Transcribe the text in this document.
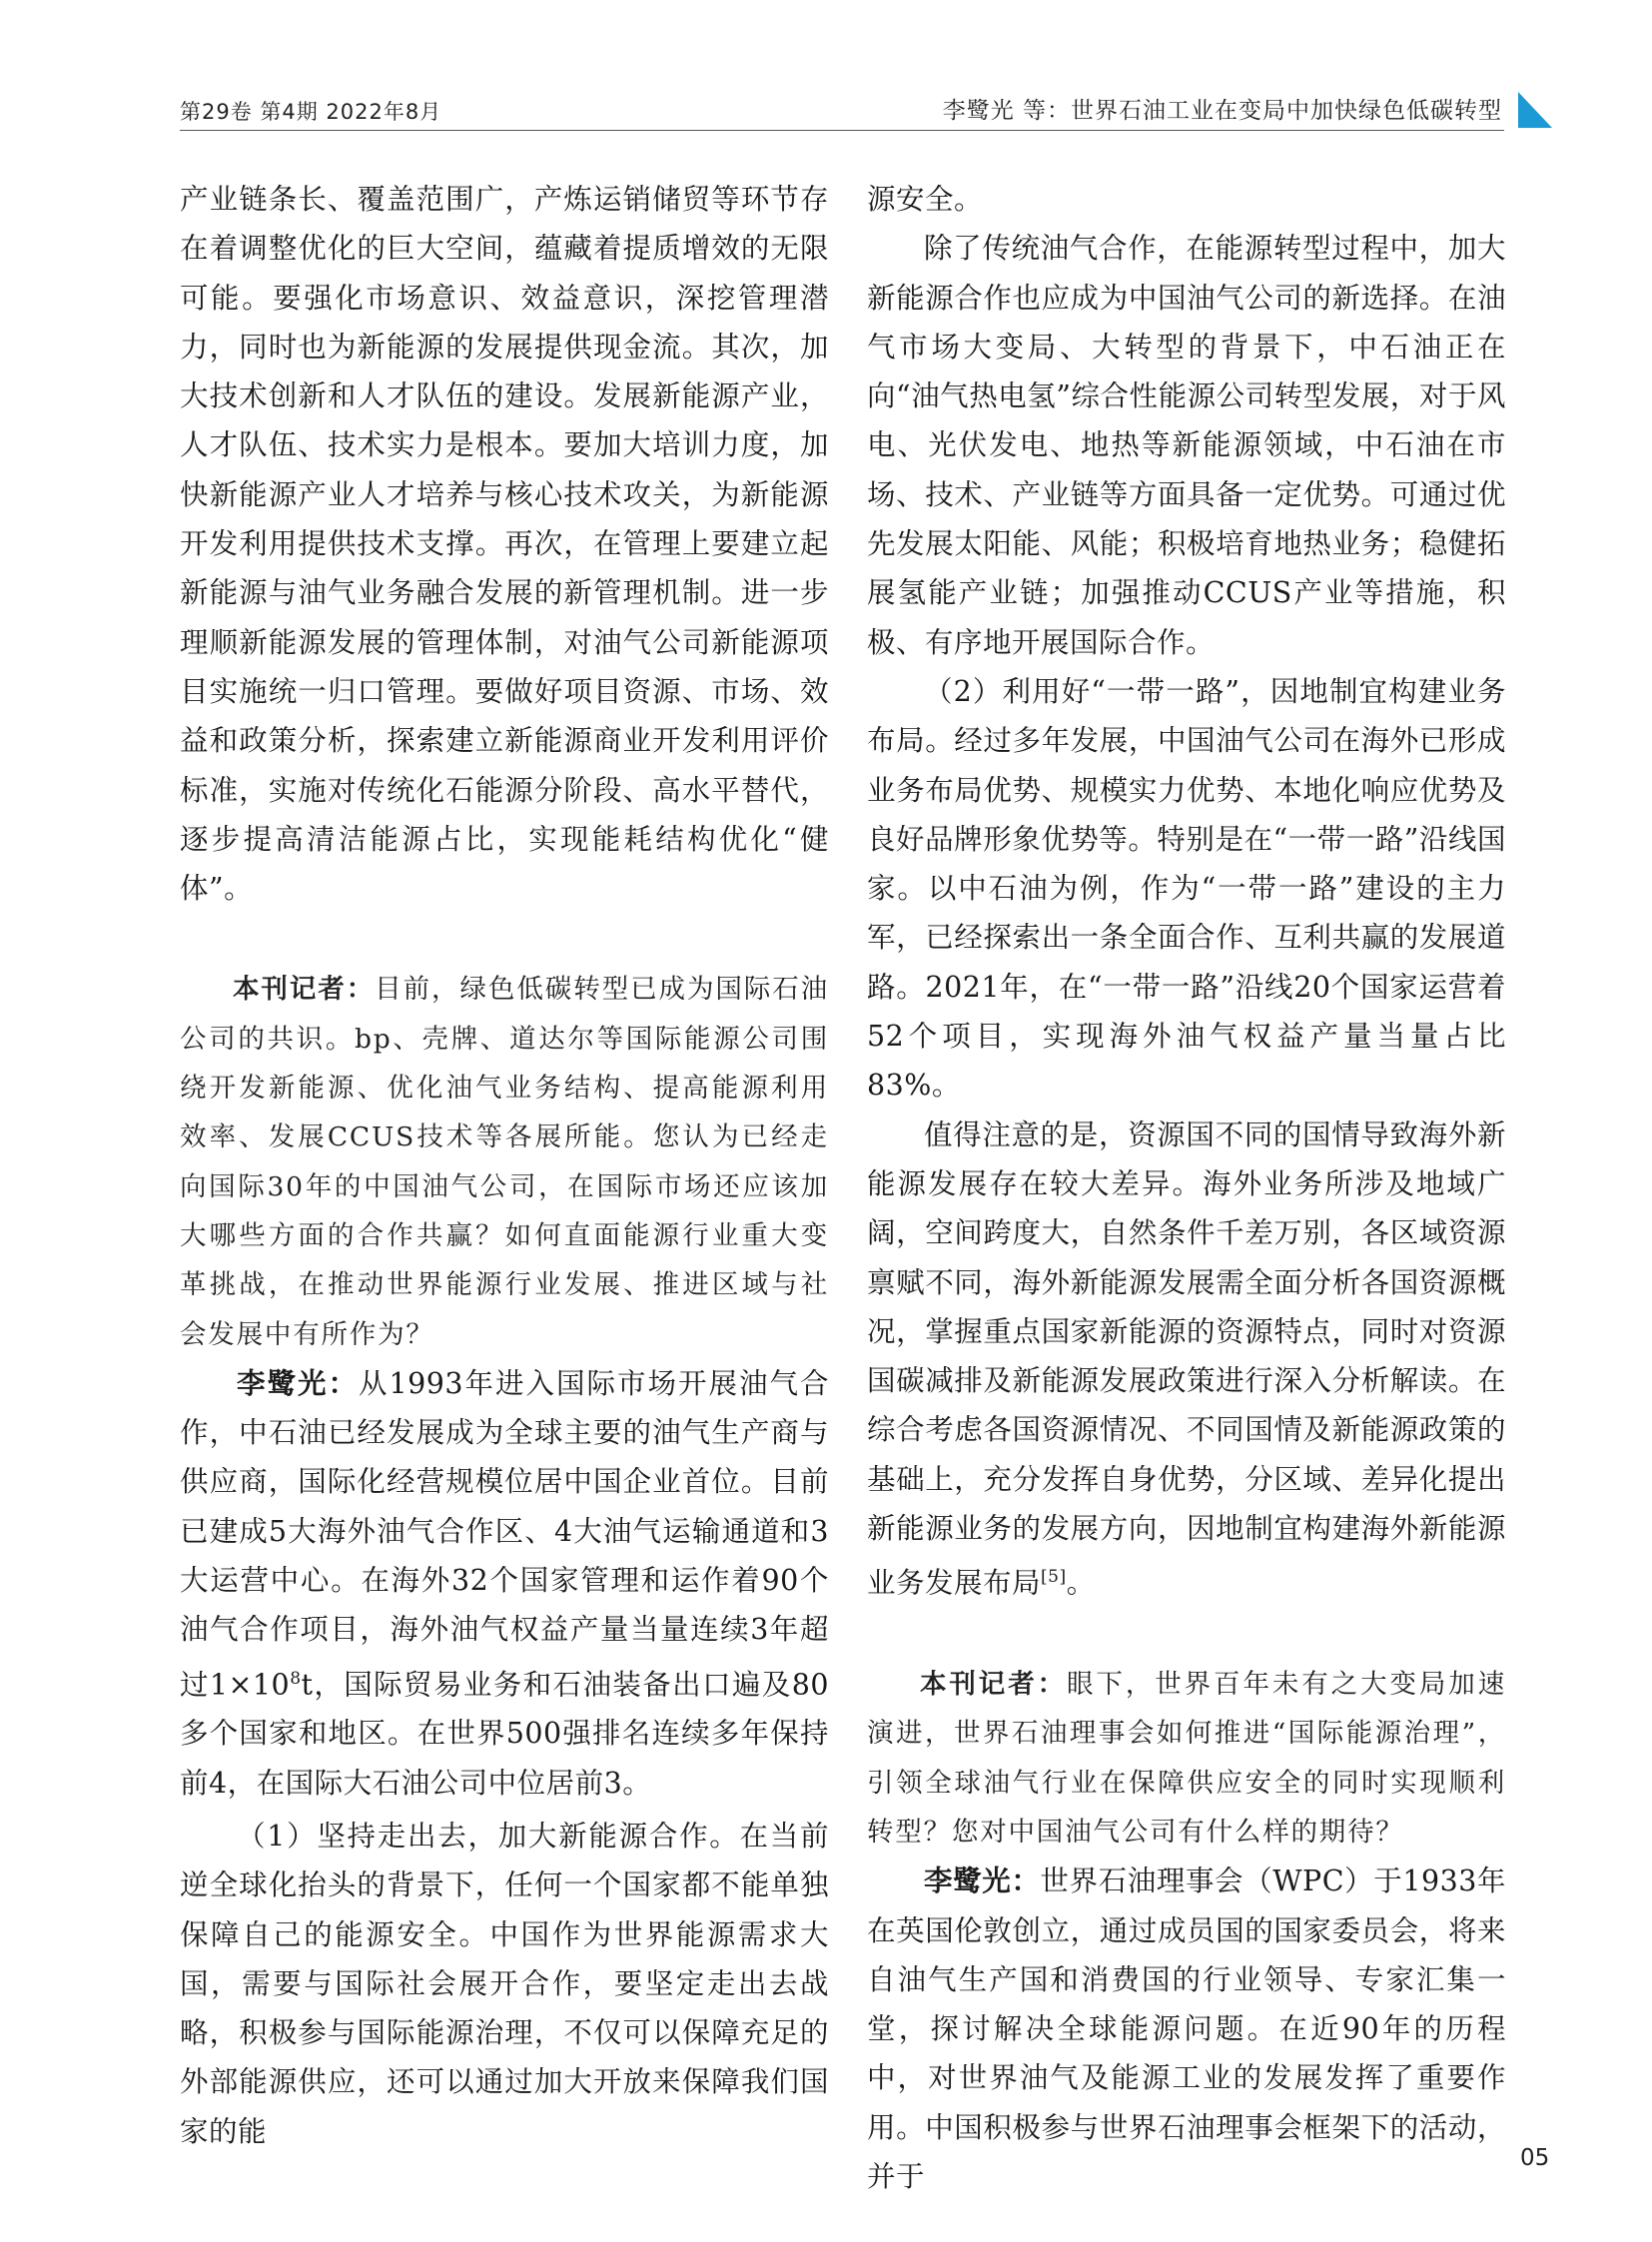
第29卷 第4期 2022年8月	李鹭光 等：世界石油工业在变局中加快绿色低碳转型

产业链条长、覆盖范围广，产炼运销储贸等环节存在着调整优化的巨大空间，蕴藏着提质增效的无限可能。要强化市场意识、效益意识，深挖管理潜力，同时也为新能源的发展提供现金流。其次，加大技术创新和人才队伍的建设。发展新能源产业，人才队伍、技术实力是根本。要加大培训力度，加快新能源产业人才培养与核心技术攻关，为新能源开发利用提供技术支撑。再次，在管理上要建立起新能源与油气业务融合发展的新管理机制。进一步理顺新能源发展的管理体制，对油气公司新能源项目实施统一归口管理。要做好项目资源、市场、效益和政策分析，探索建立新能源商业开发利用评价标准，实施对传统化石能源分阶段、高水平替代，逐步提高清洁能源占比，实现能耗结构优化“健体”。

本刊记者：目前，绿色低碳转型已成为国际石油公司的共识。bp、壳牌、道达尔等国际能源公司围绕开发新能源、优化油气业务结构、提高能源利用效率、发展CCUS技术等各展所能。您认为已经走向国际30年的中国油气公司，在国际市场还应该加大哪些方面的合作共赢？如何直面能源行业重大变革挑战，在推动世界能源行业发展、推进区域与社会发展中有所作为？

李鹭光：从1993年进入国际市场开展油气合作，中石油已经发展成为全球主要的油气生产商与供应商，国际化经营规模位居中国企业首位。目前已建成5大海外油气合作区、4大油气运输通道和3大运营中心。在海外32个国家管理和运作着90个油气合作项目，海外油气权益产量当量连续3年超过$1\times 10^8t$，国际贸易业务和石油装备出口遍及80多个国家和地区。在世界500强排名连续多年保持前4，在国际大石油公司中位居前3。

（1）坚持走出去，加大新能源合作。在当前逆全球化抬头的背景下，任何一个国家都不能单独保障自己的能源安全。中国作为世界能源需求大国，需要与国际社会展开合作，要坚定走出去战略，积极参与国际能源治理，不仅可以保障充足的外部能源供应，还可以通过加大开放来保障我们国家的能

源安全。

除了传统油气合作，在能源转型过程中，加大新能源合作也应成为中国油气公司的新选择。在油气市场大变局、大转型的背景下，中石油正在向“油气热电氢”综合性能源公司转型发展，对于风电、光伏发电、地热等新能源领域，中石油在市场、技术、产业链等方面具备一定优势。可通过优先发展太阳能、风能；积极培育地热业务；稳健拓展氢能产业链；加强推动CCUS产业等措施，积极、有序地开展国际合作。

（2）利用好“一带一路”，因地制宜构建业务布局。经过多年发展，中国油气公司在海外已形成业务布局优势、规模实力优势、本地化响应优势及良好品牌形象优势等。特别是在“一带一路”沿线国家。以中石油为例，作为“一带一路”建设的主力军，已经探索出一条全面合作、互利共赢的发展道路。2021年，在“一带一路”沿线20个国家运营着52个项目，实现海外油气权益产量当量占比83%。

值得注意的是，资源国不同的国情导致海外新能源发展存在较大差异。海外业务所涉及地域广阔，空间跨度大，自然条件千差万别，各区域资源禀赋不同，海外新能源发展需全面分析各国资源概况，掌握重点国家新能源的资源特点，同时对资源国碳减排及新能源发展政策进行深入分析解读。在综合考虑各国资源情况、不同国情及新能源政策的基础上，充分发挥自身优势，分区域、差异化提出新能源业务的发展方向，因地制宜构建海外新能源业务发展布局[5]。

本刊记者：眼下，世界百年未有之大变局加速演进，世界石油理事会如何推进“国际能源治理”，引领全球油气行业在保障供应安全的同时实现顺利转型？您对中国油气公司有什么样的期待？

李鹭光：世界石油理事会（WPC）于1933年在英国伦敦创立，通过成员国的国家委员会，将来自油气生产国和消费国的行业领导、专家汇集一堂，探讨解决全球能源问题。在近90年的历程中，对世界油气及能源工业的发展发挥了重要作用。中国积极参与世界石油理事会框架下的活动，并于

05
